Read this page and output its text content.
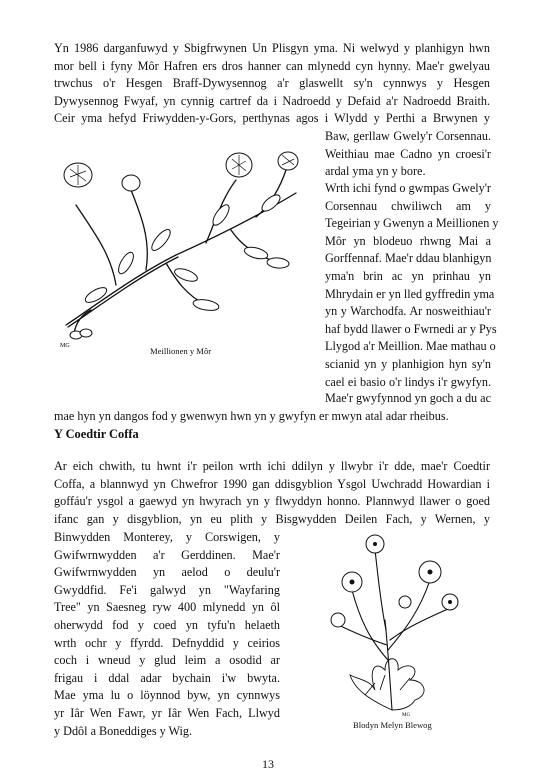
Yn 1986 darganfuwyd y Sbigfrwynen Un Plisgyn yma. Ni welwyd y planhigyn hwn
mor bell i fyny Môr Hafren ers dros hanner can mlynedd cyn hynny. Mae'r gwelyau
trwchus o'r Hesgen Braff-Dywysennog a'r glaswellt sy'n cynnwys y Hesgen
Dywysennog Fwyaf, yn cynnig cartref da i Nadroedd y Defaid a'r Nadroedd Braith.
Ceir yma hefyd Friwydden-y-Gors, perthynas agos i Wlydd y Perthi a Brwynen y
Baw, gerllaw Gwely'r Corsennau.
Weithiau mae Cadno yn croesi'r
ardal yma yn y bore.
MG	Meillionen y Môr
Wrth ichi fynd o gwmpas Gwely'r
Corsennau chwiliwch am y
Tegeirian y Gwenyn a Meillionen y
Môr yn blodeuo rhwng Mai a
Gorffennaf. Mae'r ddau blanhigyn
yma'n brin ac yn prinhau yn
Mhrydain er yn lled gyffredin yma
yn y Warchodfa. Ar nosweithiau'r
haf bydd llawer o Fwrnedi ar y Pys
Llygod a'r Meillion. Mae mathau o
scianid yn y planhigion hyn sy'n
cael ei basio o'r lindys i'r gwyfyn.
Mae'r gwyfynnod yn goch a du ac
mae hyn yn dangos fod y gwenwyn hwn yn y gwyfyn er mwyn atal adar rheibus.
Y Coedtir Coffa
Ar eich chwith, tu hwnt i'r peilon wrth ichi ddilyn y llwybr i'r dde, mae'r Coedtir
Coffa, a blannwyd yn Chwefror 1990 gan ddisgyblion Ysgol Uwchradd Howardian i
goffáu'r ysgol a gaewyd yn hwyrach yn y flwyddyn honno. Plannwyd llawer o goed
ifanc gan y disgyblion, yn eu plith y Bisgwydden Deilen Fach, y Wernen, y
Binwydden Monterey, y Corswigen, y
Gwifwrnwydden a'r Gerddinen. Mae'r
Gwifwrnwydden yn aelod o deulu'r
Gwyddfid. Fe'i galwyd yn "Wayfaring
Tree" yn Saesneg ryw 400 mlynedd yn ôl
oherwydd fod y coed yn tyfu'n helaeth
wrth ochr y ffyrdd. Defnyddid y ceirios
coch i wneud y glud leim a osodid ar
frigau i ddal adar bychain i'w bwyta.
Mae yma lu o löynnod byw, yn cynnwys
yr Iâr Wen Fawr, yr Iâr Wen Fach, Llwyd
y Ddôl a Boneddiges y Wig.
MG
Blodyn Melyn Blewog
13
